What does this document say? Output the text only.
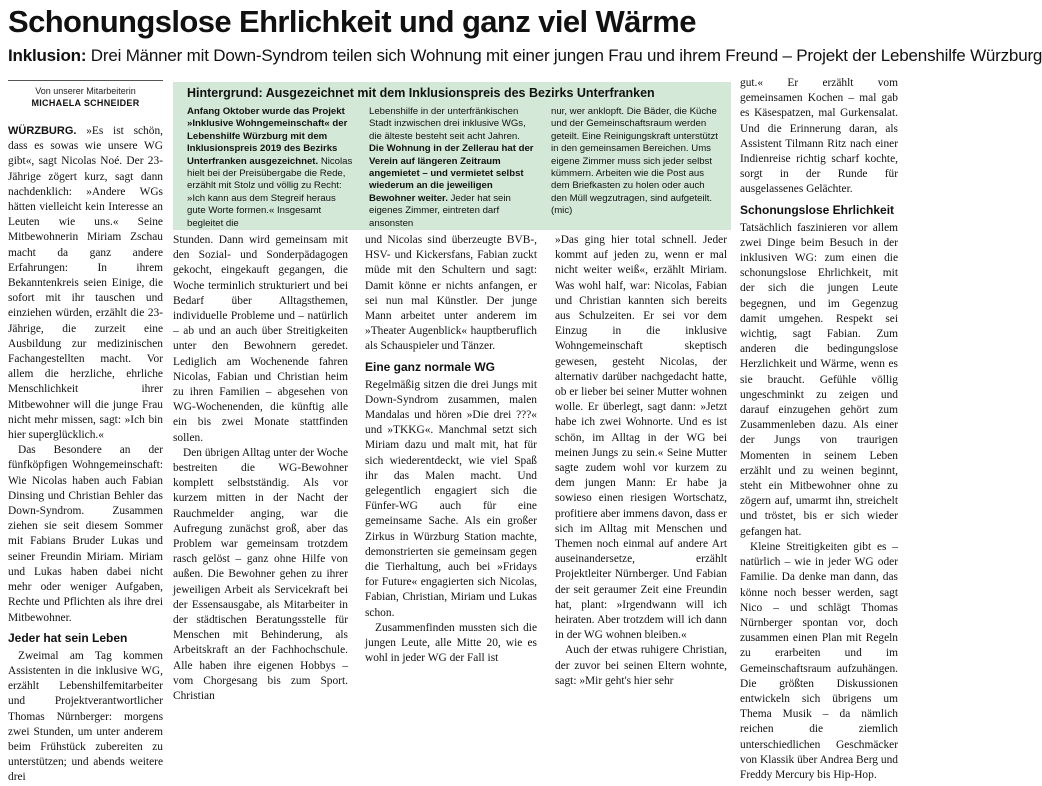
Schonungslose Ehrlichkeit und ganz viel Wärme
Inklusion: Drei Männer mit Down-Syndrom teilen sich Wohnung mit einer jungen Frau und ihrem Freund – Projekt der Lebenshilfe Würzburg
Von unserer Mitarbeiterin
MICHAELA SCHNEIDER
Hintergrund: Ausgezeichnet mit dem Inklusionspreis des Bezirks Unterfranken

Anfang Oktober wurde das Projekt »Inklusive Wohngemeinschaft« der Lebenshilfe Würzburg mit dem Inklusionspreis 2019 des Bezirks Unterfranken ausgezeichnet. Nicolas hielt bei der Preisübergabe die Rede, erzählt mit Stolz und völlig zu Recht: »Ich kann aus dem Stegreif heraus gute Worte formen.« Insgesamt begleitet die

Lebenshilfe in der unterfränkischen Stadt inzwischen drei inklusive WGs, die älteste besteht seit acht Jahren. Die Wohnung in der Zellerau hat der Verein auf längeren Zeitraum angemietet – und vermietet selbst wiederum an die jeweiligen Bewohner weiter. Jeder hat sein eigenes Zimmer, eintreten darf ansonsten

nur, wer anklopft. Die Bäder, die Küche und der Gemeinschaftsraum werden geteilt. Eine Reinigungskraft unterstützt in den gemeinsamen Bereichen. Ums eigene Zimmer muss sich jeder selbst kümmern. Arbeiten wie die Post aus dem Briefkasten zu holen oder auch den Müll wegzutragen, sind aufgeteilt. (mic)

WÜRZBURG. »Es ist schön, dass es sowas wie unsere WG gibt«, sagt Nicolas Noé. Der 23-Jährige zögert kurz, sagt dann nachdenklich: »Andere WGs hätten vielleicht kein Interesse an Leuten wie uns.« Seine Mitbewohnerin Miriam Zschau macht da ganz andere Erfahrungen: In ihrem Bekanntenkreis seien Einige, die sofort mit ihr tauschen und einziehen würden, erzählt die 23-Jährige, die zurzeit eine Ausbildung zur medizinischen Fachangestellten macht. Vor allem die herzliche, ehrliche Menschlichkeit ihrer Mitbewohner will die junge Frau nicht mehr missen, sagt: »Ich bin hier superglücklich.«

Das Besondere an der fünfköpfigen Wohngemeinschaft: Wie Nicolas haben auch Fabian Dinsing und Christian Behler das Down-Syndrom. Zusammen ziehen sie seit diesem Sommer mit Fabians Bruder Lukas und seiner Freundin Miriam. Miriam und Lukas haben dabei nicht mehr oder weniger Aufgaben, Rechte und Pflichten als ihre drei Mitbewohner.

Jeder hat sein Leben

Zweimal am Tag kommen Assistenten in die inklusive WG, erzählt Lebenshilfemitarbeiter und Projektverantwortlicher Thomas Nürnberger: morgens zwei Stunden, um unter anderem beim Frühstück zubereiten zu unterstützen; und abends weitere drei

Stunden. Dann wird gemeinsam mit den Sozial- und Sonderpädagogen gekocht, eingekauft gegangen, die Woche terminlich strukturiert und bei Bedarf über Alltagsthemen, individuelle Probleme und – natürlich – ab und an auch über Streitigkeiten unter den Bewohnern geredet. Lediglich am Wochenende fahren Nicolas, Fabian und Christian heim zu ihren Familien – abgesehen von WG-Wochenenden, die künftig alle ein bis zwei Monate stattfinden sollen.

Den übrigen Alltag unter der Woche bestreiten die WG-Bewohner komplett selbstständig. Als vor kurzem mitten in der Nacht der Rauchmelder anging, war die Aufregung zunächst groß, aber das Problem war gemeinsam trotzdem rasch gelöst – ganz ohne Hilfe von außen. Die Bewohner gehen zu ihrer jeweiligen Arbeit als Servicekraft bei der Essensausgabe, als Mitarbeiter in der städtischen Beratungsstelle für Menschen mit Behinderung, als Arbeitskraft an der Fachhochschule. Alle haben ihre eigenen Hobbys – vom Chorgesang bis zum Sport. Christian

und Nicolas sind überzeugte BVB-, HSV- und Kickersfans, Fabian zuckt müde mit den Schultern und sagt: Damit könne er nichts anfangen, er sei nun mal Künstler. Der junge Mann arbeitet unter anderem im »Theater Augenblick« hauptberuflich als Schauspieler und Tänzer.

Eine ganz normale WG

Regelmäßig sitzen die drei Jungs mit Down-Syndrom zusammen, malen Mandalas und hören »Die drei ???« und »TKKG«. Manchmal setzt sich Miriam dazu und malt mit, hat für sich wiederentdeckt, wie viel Spaß ihr das Malen macht. Und gelegentlich engagiert sich die Fünfer-WG auch für eine gemeinsame Sache. Als ein großer Zirkus in Würzburg Station machte, demonstrierten sie gemeinsam gegen die Tierhaltung, auch bei »Fridays for Future« engagierten sich Nicolas, Fabian, Christian, Miriam und Lukas schon.

Zusammenfinden mussten sich die jungen Leute, alle Mitte 20, wie es wohl in jeder WG der Fall ist

»Das ging hier total schnell. Jeder kommt auf jeden zu, wenn er mal nicht weiter weiß«, erzählt Miriam. Was wohl half, war: Nicolas, Fabian und Christian kannten sich bereits aus Schulzeiten. Er sei vor dem Einzug in die inklusive Wohngemeinschaft skeptisch gewesen, gesteht Nicolas, der alternativ darüber nachgedacht hatte, ob er lieber bei seiner Mutter wohnen wolle. Er überlegt, sagt dann: »Jetzt habe ich zwei Wohnorte. Und es ist schön, im Alltag in der WG bei meinen Jungs zu sein.« Seine Mutter sagte zudem wohl vor kurzem zu dem jungen Mann: Er habe ja sowieso einen riesigen Wortschatz, profitiere aber immens davon, dass er sich im Alltag mit Menschen und Themen noch einmal auf andere Art auseinandersetze, erzählt Projektleiter Nürnberger. Und Fabian der seit geraumer Zeit eine Freundin hat, plant: »Irgendwann will ich heiraten. Aber trotzdem will ich dann in der WG wohnen bleiben.«

Auch der etwas ruhigere Christian, der zuvor bei seinen Eltern wohnte, sagt: »Mir geht's hier sehr

gut.« Er erzählt vom gemeinsamen Kochen – mal gab es Käsespatzen, mal Gurkensalat. Und die Erinnerung daran, als Assistent Tilmann Ritz nach einer Indienreise richtig scharf kochte, sorgt in der Runde für ausgelassenes Gelächter.

Schonungslose Ehrlichkeit

Tatsächlich faszinieren vor allem zwei Dinge beim Besuch in der inklusiven WG: zum einen die schonungslose Ehrlichkeit, mit der sich die jungen Leute begegnen, und im Gegenzug damit umgehen. Respekt sei wichtig, sagt Fabian. Zum anderen die bedingungslose Herzlichkeit und Wärme, wenn es sie braucht. Gefühle völlig ungeschminkt zu zeigen und darauf einzugehen gehört zum Zusammenleben dazu. Als einer der Jungs von traurigen Momenten in seinem Leben erzählt und zu weinen beginnt, steht ein Mitbewohner ohne zu zögern auf, umarmt ihn, streichelt und tröstet, bis er sich wieder gefangen hat.

Kleine Streitigkeiten gibt es – natürlich – wie in jeder WG oder Familie. Da denke man dann, das könne noch besser werden, sagt Nico – und schlägt Thomas Nürnberger spontan vor, doch zusammen einen Plan mit Regeln zu erarbeiten und im Gemeinschaftsraum aufzuhängen. Die größten Diskussionen entwickeln sich übrigens um Thema Musik – da nämlich reichen die ziemlich unterschiedlichen Geschmäcker von Klassik über Andrea Berg und Freddy Mercury bis Hip-Hop.
